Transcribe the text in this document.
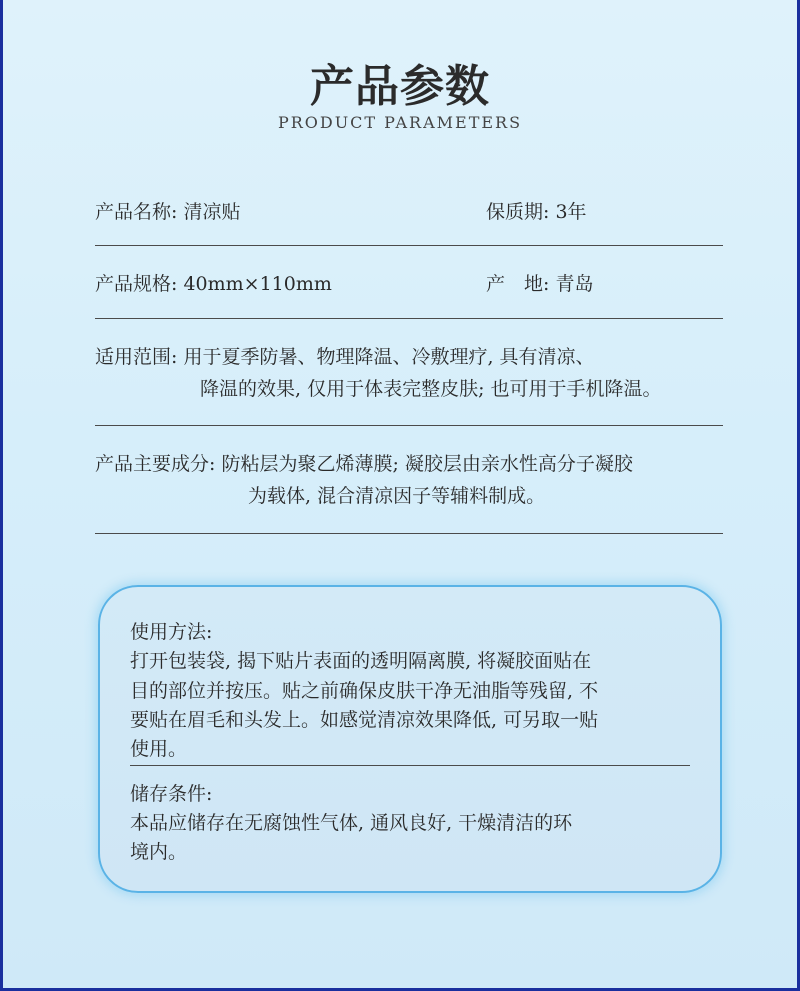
产品参数
PRODUCT PARAMETERS
产品名称: 清凉贴	保质期: 3年
产品规格: 40mm×110mm	产　地: 青岛
适用范围: 用于夏季防暑、物理降温、冷敷理疗, 具有清凉、
降温的效果, 仅用于体表完整皮肤; 也可用于手机降温。
产品主要成分: 防粘层为聚乙烯薄膜; 凝胶层由亲水性高分子凝胶
为载体, 混合清凉因子等辅料制成。
使用方法:
打开包装袋, 揭下贴片表面的透明隔离膜, 将凝胶面贴在
目的部位并按压。贴之前确保皮肤干净无油脂等残留, 不
要贴在眉毛和头发上。如感觉清凉效果降低, 可另取一贴
使用。
储存条件:
本品应储存在无腐蚀性气体, 通风良好, 干燥清洁的环
境内。
